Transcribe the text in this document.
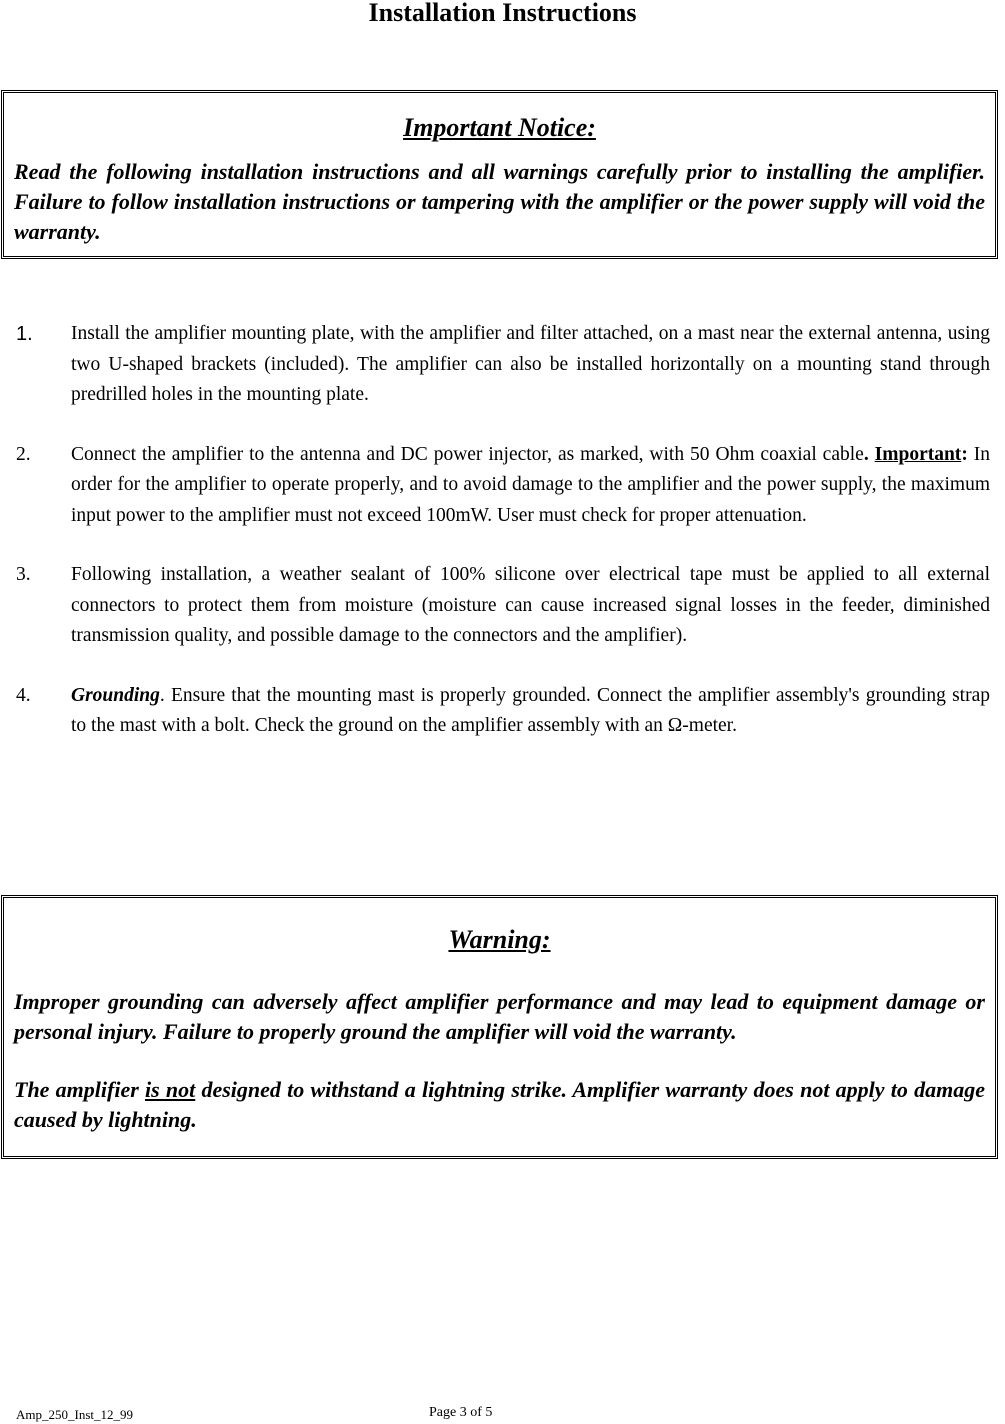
Installation Instructions
Important Notice:
Read the following installation instructions and all warnings carefully prior to installing the amplifier. Failure to follow installation instructions or tampering with the amplifier or the power supply will void the warranty.
1. Install the amplifier mounting plate, with the amplifier and filter attached, on a mast near the external antenna, using two U-shaped brackets (included). The amplifier can also be installed horizontally on a mounting stand through predrilled holes in the mounting plate.
2. Connect the amplifier to the antenna and DC power injector, as marked, with 50 Ohm coaxial cable. Important: In order for the amplifier to operate properly, and to avoid damage to the amplifier and the power supply, the maximum input power to the amplifier must not exceed 100mW. User must check for proper attenuation.
3. Following installation, a weather sealant of 100% silicone over electrical tape must be applied to all external connectors to protect them from moisture (moisture can cause increased signal losses in the feeder, diminished transmission quality, and possible damage to the connectors and the amplifier).
4. Grounding. Ensure that the mounting mast is properly grounded. Connect the amplifier assembly's grounding strap to the mast with a bolt. Check the ground on the amplifier assembly with an Ω-meter.
Warning:
Improper grounding can adversely affect amplifier performance and may lead to equipment damage or personal injury. Failure to properly ground the amplifier will void the warranty.
The amplifier is not designed to withstand a lightning strike. Amplifier warranty does not apply to damage caused by lightning.
Amp_250_Inst_12_99	Page 3 of 5
